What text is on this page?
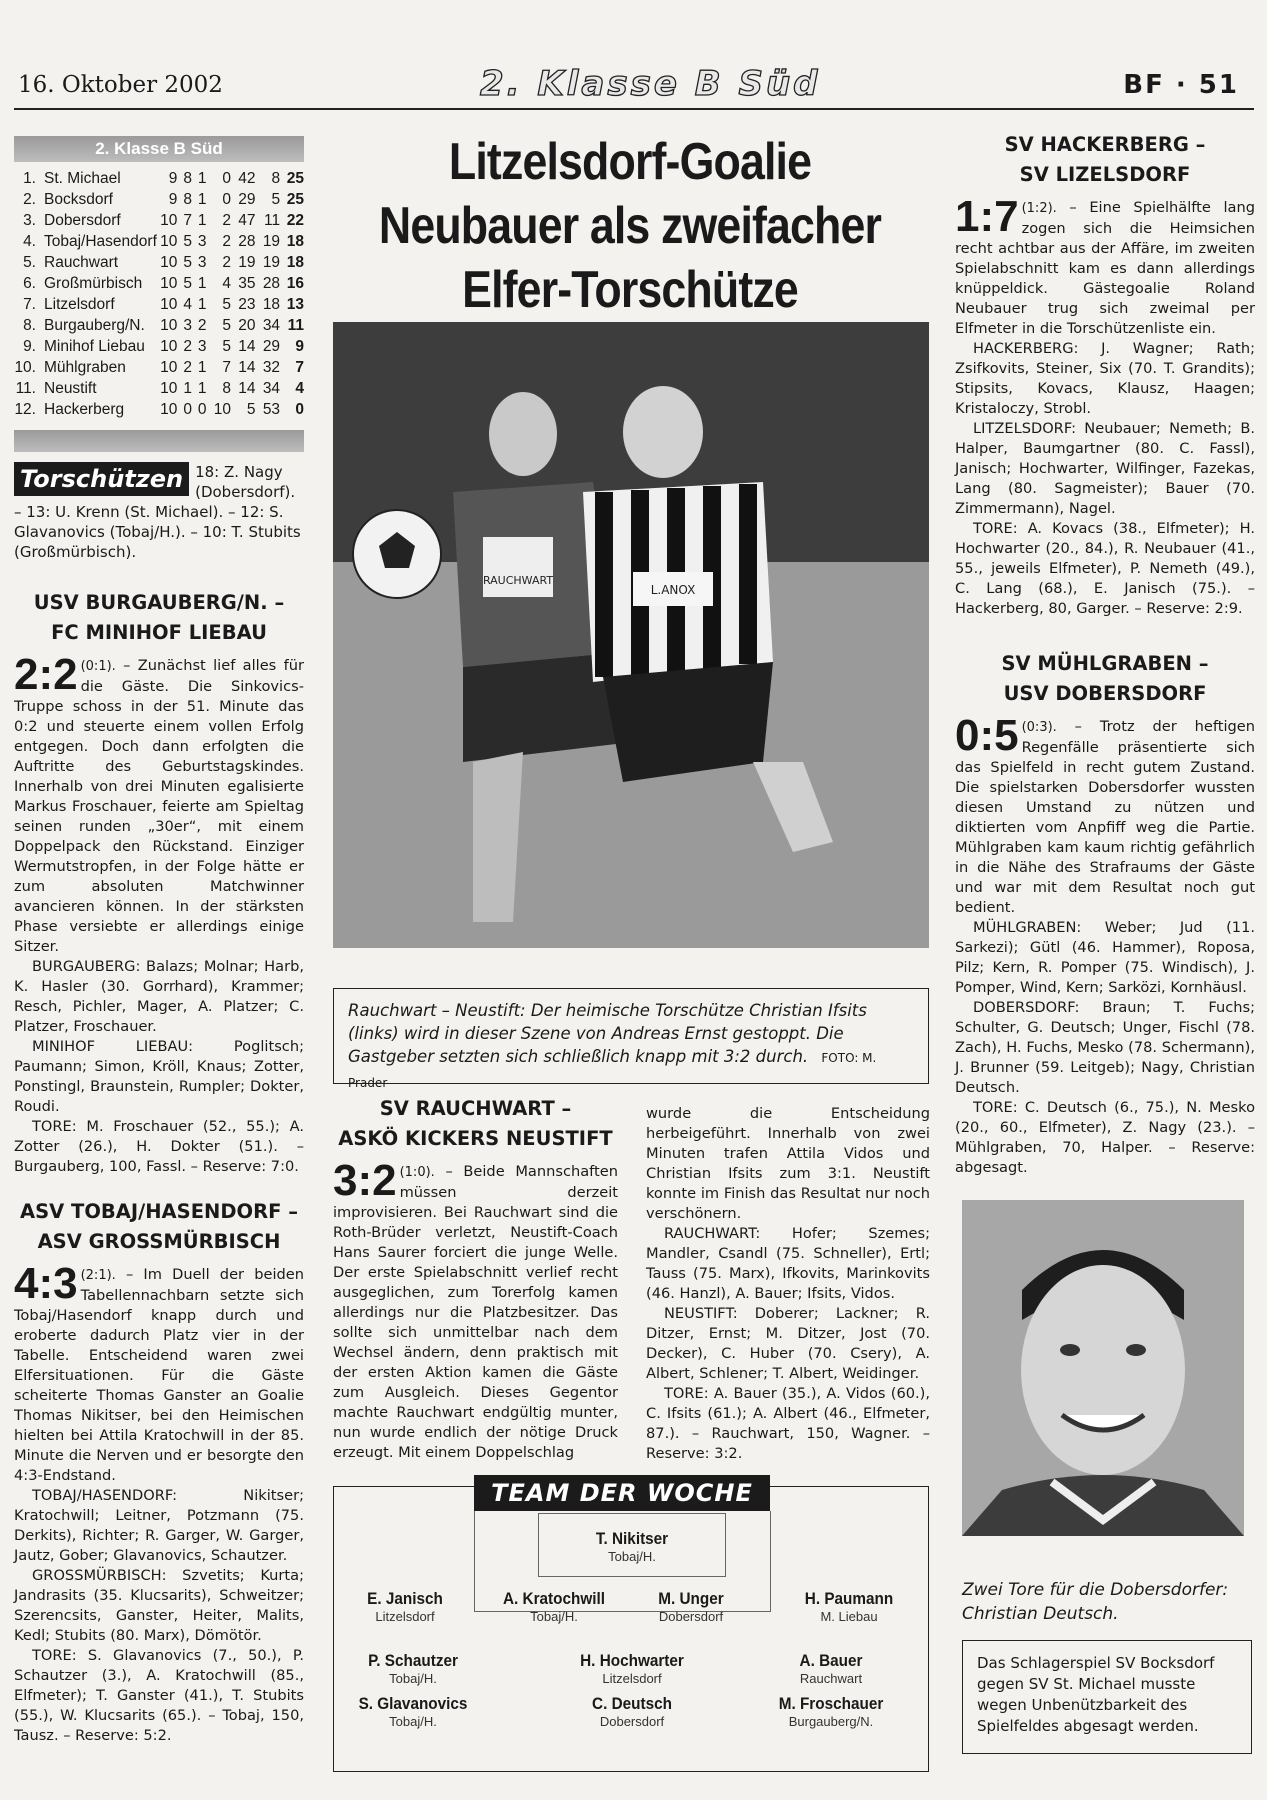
16. Oktober 2002	2. Klasse B Süd	BF · 51
2. Klasse B Süd
1.	St. Michael	9	8	1	0	42	8	25
2.	Bocksdorf	9	8	1	0	29	5	25
3.	Dobersdorf	10	7	1	2	47	11	22
4.	Tobaj/Hasendorf	10	5	3	2	28	19	18
5.	Rauchwart	10	5	3	2	19	19	18
6.	Großmürbisch	10	5	1	4	35	28	16
7.	Litzelsdorf	10	4	1	5	23	18	13
8.	Burgauberg/N.	10	3	2	5	20	34	11
9.	Minihof Liebau	10	2	3	5	14	29	9
10.	Mühlgraben	10	2	1	7	14	32	7
11.	Neustift	10	1	1	8	14	34	4
12.	Hackerberg	10	0	0	10	5	53	0
Torschützen 18: Z. Nagy (Dobersdorf). – 13: U. Krenn (St. Michael). – 12: S. Glavanovics (Tobaj/H.). – 10: T. Stubits (Großmürbisch).
USV BURGAUBERG/N. –
FC MINIHOF LIEBAU
2:2 (0:1). – Zunächst lief alles für die Gäste. Die Sinkovics-Truppe schoss in der 51. Minute das 0:2 und steuerte einem vollen Erfolg entgegen. Doch dann erfolgten die Auftritte des Geburtstagskindes. Innerhalb von drei Minuten egalisierte Markus Froschauer, feierte am Spieltag seinen runden „30er“, mit einem Doppelpack den Rückstand. Einziger Wermutstropfen, in der Folge hätte er zum absoluten Matchwinner avancieren können. In der stärksten Phase versiebte er allerdings einige Sitzer.
BURGAUBERG: Balazs; Molnar; Harb, K. Hasler (30. Gorrhard), Krammer; Resch, Pichler, Mager, A. Platzer; C. Platzer, Froschauer.
MINIHOF LIEBAU: Poglitsch; Paumann; Simon, Kröll, Knaus; Zotter, Ponstingl, Braunstein, Rumpler; Dokter, Roudi.
TORE: M. Froschauer (52., 55.); A. Zotter (26.), H. Dokter (51.). – Burgauberg, 100, Fassl. – Reserve: 7:0.
ASV TOBAJ/HASENDORF –
ASV GROSSMÜRBISCH
4:3 (2:1). – Im Duell der beiden Tabellennachbarn setzte sich Tobaj/Hasendorf knapp durch und eroberte dadurch Platz vier in der Tabelle. Entscheidend waren zwei Elfersituationen. Für die Gäste scheiterte Thomas Ganster an Goalie Thomas Nikitser, bei den Heimischen hielten bei Attila Kratochwill in der 85. Minute die Nerven und er besorgte den 4:3-Endstand.
TOBAJ/HASENDORF: Nikitser; Kratochwill; Leitner, Potzmann (75. Derkits), Richter; R. Garger, W. Garger, Jautz, Gober; Glavanovics, Schautzer.
GROSSMÜRBISCH: Szvetits; Kurta; Jandrasits (35. Klucsarits), Schweitzer; Szerencsits, Ganster, Heiter, Malits, Kedl; Stubits (80. Marx), Dömötör.
TORE: S. Glavanovics (7., 50.), P. Schautzer (3.), A. Kratochwill (85., Elfmeter); T. Ganster (41.), T. Stubits (55.), W. Klucsarits (65.). – Tobaj, 150, Tausz. – Reserve: 5:2.
Litzelsdorf-Goalie Neubauer als zweifacher Elfer-Torschütze
RAUCHWART
L.ANOX
Rauchwart – Neustift: Der heimische Torschütze Christian Ifsits (links) wird in dieser Szene von Andreas Ernst gestoppt. Die Gastgeber setzten sich schließlich knapp mit 3:2 durch. FOTO: M. Prader
SV RAUCHWART –
ASKÖ KICKERS NEUSTIFT
3:2 (1:0). – Beide Mannschaften müssen derzeit improvisieren. Bei Rauchwart sind die Roth-Brüder verletzt, Neustift-Coach Hans Saurer forciert die junge Welle. Der erste Spielabschnitt verlief recht ausgeglichen, zum Torerfolg kamen allerdings nur die Platzbesitzer. Das sollte sich unmittelbar nach dem Wechsel ändern, denn praktisch mit der ersten Aktion kamen die Gäste zum Ausgleich. Dieses Gegentor machte Rauchwart endgültig munter, nun wurde endlich der nötige Druck erzeugt. Mit einem Doppelschlag
wurde die Entscheidung herbeigeführt. Innerhalb von zwei Minuten trafen Attila Vidos und Christian Ifsits zum 3:1. Neustift konnte im Finish das Resultat nur noch verschönern.
RAUCHWART: Hofer; Szemes; Mandler, Csandl (75. Schneller), Ertl; Tauss (75. Marx), Ifkovits, Marinkovits (46. Hanzl), A. Bauer; Ifsits, Vidos.
NEUSTIFT: Doberer; Lackner; R. Ditzer, Ernst; M. Ditzer, Jost (70. Decker), C. Huber (70. Csery), A. Albert, Schlener; T. Albert, Weidinger.
TORE: A. Bauer (35.), A. Vidos (60.), C. Ifsits (61.); A. Albert (46., Elfmeter, 87.). – Rauchwart, 150, Wagner. – Reserve: 3:2.
TEAM DER WOCHE
T. Nikitser
Tobaj/H.
E. Janisch
Litzelsdorf
A. Kratochwill
Tobaj/H.
M. Unger
Dobersdorf
H. Paumann
M. Liebau
P. Schautzer
Tobaj/H.
H. Hochwarter
Litzelsdorf
A. Bauer
Rauchwart
S. Glavanovics
Tobaj/H.
C. Deutsch
Dobersdorf
M. Froschauer
Burgauberg/N.
SV HACKERBERG –
SV LIZELSDORF
1:7 (1:2). – Eine Spielhälfte lang zogen sich die Heimsichen recht achtbar aus der Affäre, im zweiten Spielabschnitt kam es dann allerdings knüppeldick. Gästegoalie Roland Neubauer trug sich zweimal per Elfmeter in die Torschützenliste ein.
HACKERBERG: J. Wagner; Rath; Zsifkovits, Steiner, Six (70. T. Grandits); Stipsits, Kovacs, Klausz, Haagen; Kristaloczy, Strobl.
LITZELSDORF: Neubauer; Nemeth; B. Halper, Baumgartner (80. C. Fassl), Janisch; Hochwarter, Wilfinger, Fazekas, Lang (80. Sagmeister); Bauer (70. Zimmermann), Nagel.
TORE: A. Kovacs (38., Elfmeter); H. Hochwarter (20., 84.), R. Neubauer (41., 55., jeweils Elfmeter), P. Nemeth (49.), C. Lang (68.), E. Janisch (75.). – Hackerberg, 80, Garger. – Reserve: 2:9.
SV MÜHLGRABEN –
USV DOBERSDORF
0:5 (0:3). – Trotz der heftigen Regenfälle präsentierte sich das Spielfeld in recht gutem Zustand. Die spielstarken Dobersdorfer wussten diesen Umstand zu nützen und diktierten vom Anpfiff weg die Partie. Mühlgraben kam kaum richtig gefährlich in die Nähe des Strafraums der Gäste und war mit dem Resultat noch gut bedient.
MÜHLGRABEN: Weber; Jud (11. Sarkezi); Gütl (46. Hammer), Roposa, Pilz; Kern, R. Pomper (75. Windisch), J. Pomper, Wind, Kern; Sarközi, Kornhäusl.
DOBERSDORF: Braun; T. Fuchs; Schulter, G. Deutsch; Unger, Fischl (78. Zach), H. Fuchs, Mesko (78. Schermann), J. Brunner (59. Leitgeb); Nagy, Christian Deutsch.
TORE: C. Deutsch (6., 75.), N. Mesko (20., 60., Elfmeter), Z. Nagy (23.). – Mühlgraben, 70, Halper. – Reserve: abgesagt.
Zwei Tore für die Dobersdorfer: Christian Deutsch.
Das Schlagerspiel SV Bocksdorf gegen SV St. Michael musste wegen Unbenützbarkeit des Spielfeldes abgesagt werden.
